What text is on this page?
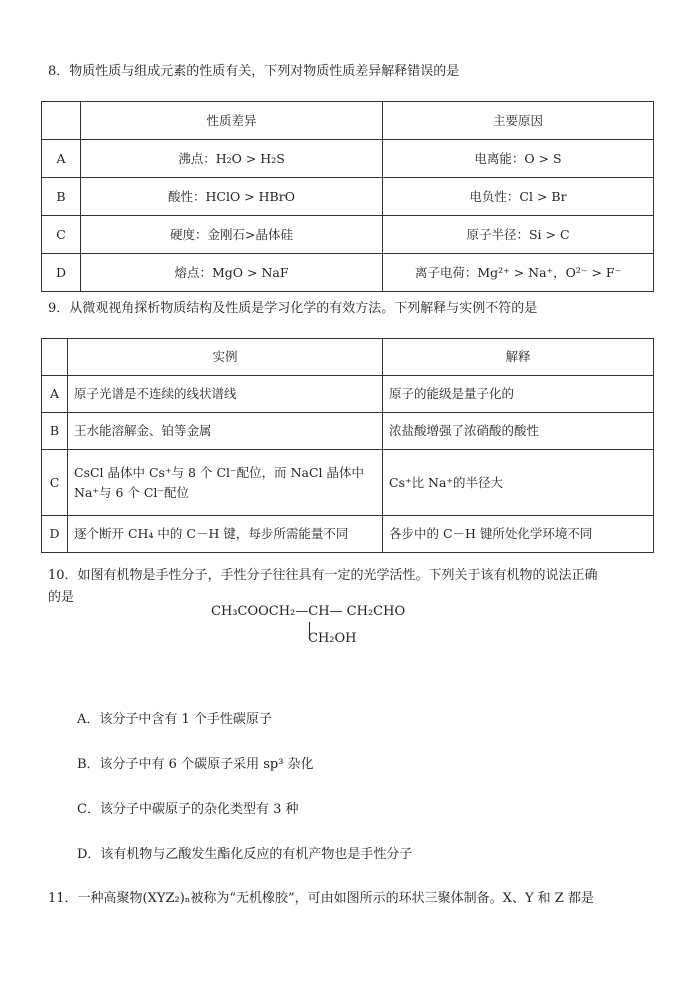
8．物质性质与组成元素的性质有关，下列对物质性质差异解释错误的是
	性质差异	主要原因
A	沸点：H₂O > H₂S	电离能：O > S
B	酸性：HClO > HBrO	电负性：Cl > Br
C	硬度：金刚石>晶体硅	原子半径：Si > C
D	熔点：MgO > NaF	离子电荷：Mg²⁺ > Na⁺，O²⁻ > F⁻
9．从微观视角探析物质结构及性质是学习化学的有效方法。下列解释与实例不符的是
	实例	解释
A	原子光谱是不连续的线状谱线	原子的能级是量子化的
B	王水能溶解金、铂等金属	浓盐酸增强了浓硝酸的酸性
C	CsCl 晶体中 Cs⁺与 8 个 Cl⁻配位，而 NaCl 晶体中 Na⁺与 6 个 Cl⁻配位	Cs⁺比 Na⁺的半径大
D	逐个断开 CH₄ 中的 C－H 键，每步所需能量不同	各步中的 C－H 键所处化学环境不同
10．如图有机物是手性分子，手性分子往往具有一定的光学活性。下列关于该有机物的说法正确
的是
CH₃COOCH₂—CH— CH₂CHO
CH₂OH
A．该分子中含有 1 个手性碳原子
B．该分子中有 6 个碳原子采用 sp³ 杂化
C．该分子中碳原子的杂化类型有 3 种
D．该有机物与乙酸发生酯化反应的有机产物也是手性分子
11．一种高聚物(XYZ₂)ₙ被称为“无机橡胶”，可由如图所示的环状三聚体制备。X、Y 和 Z 都是
